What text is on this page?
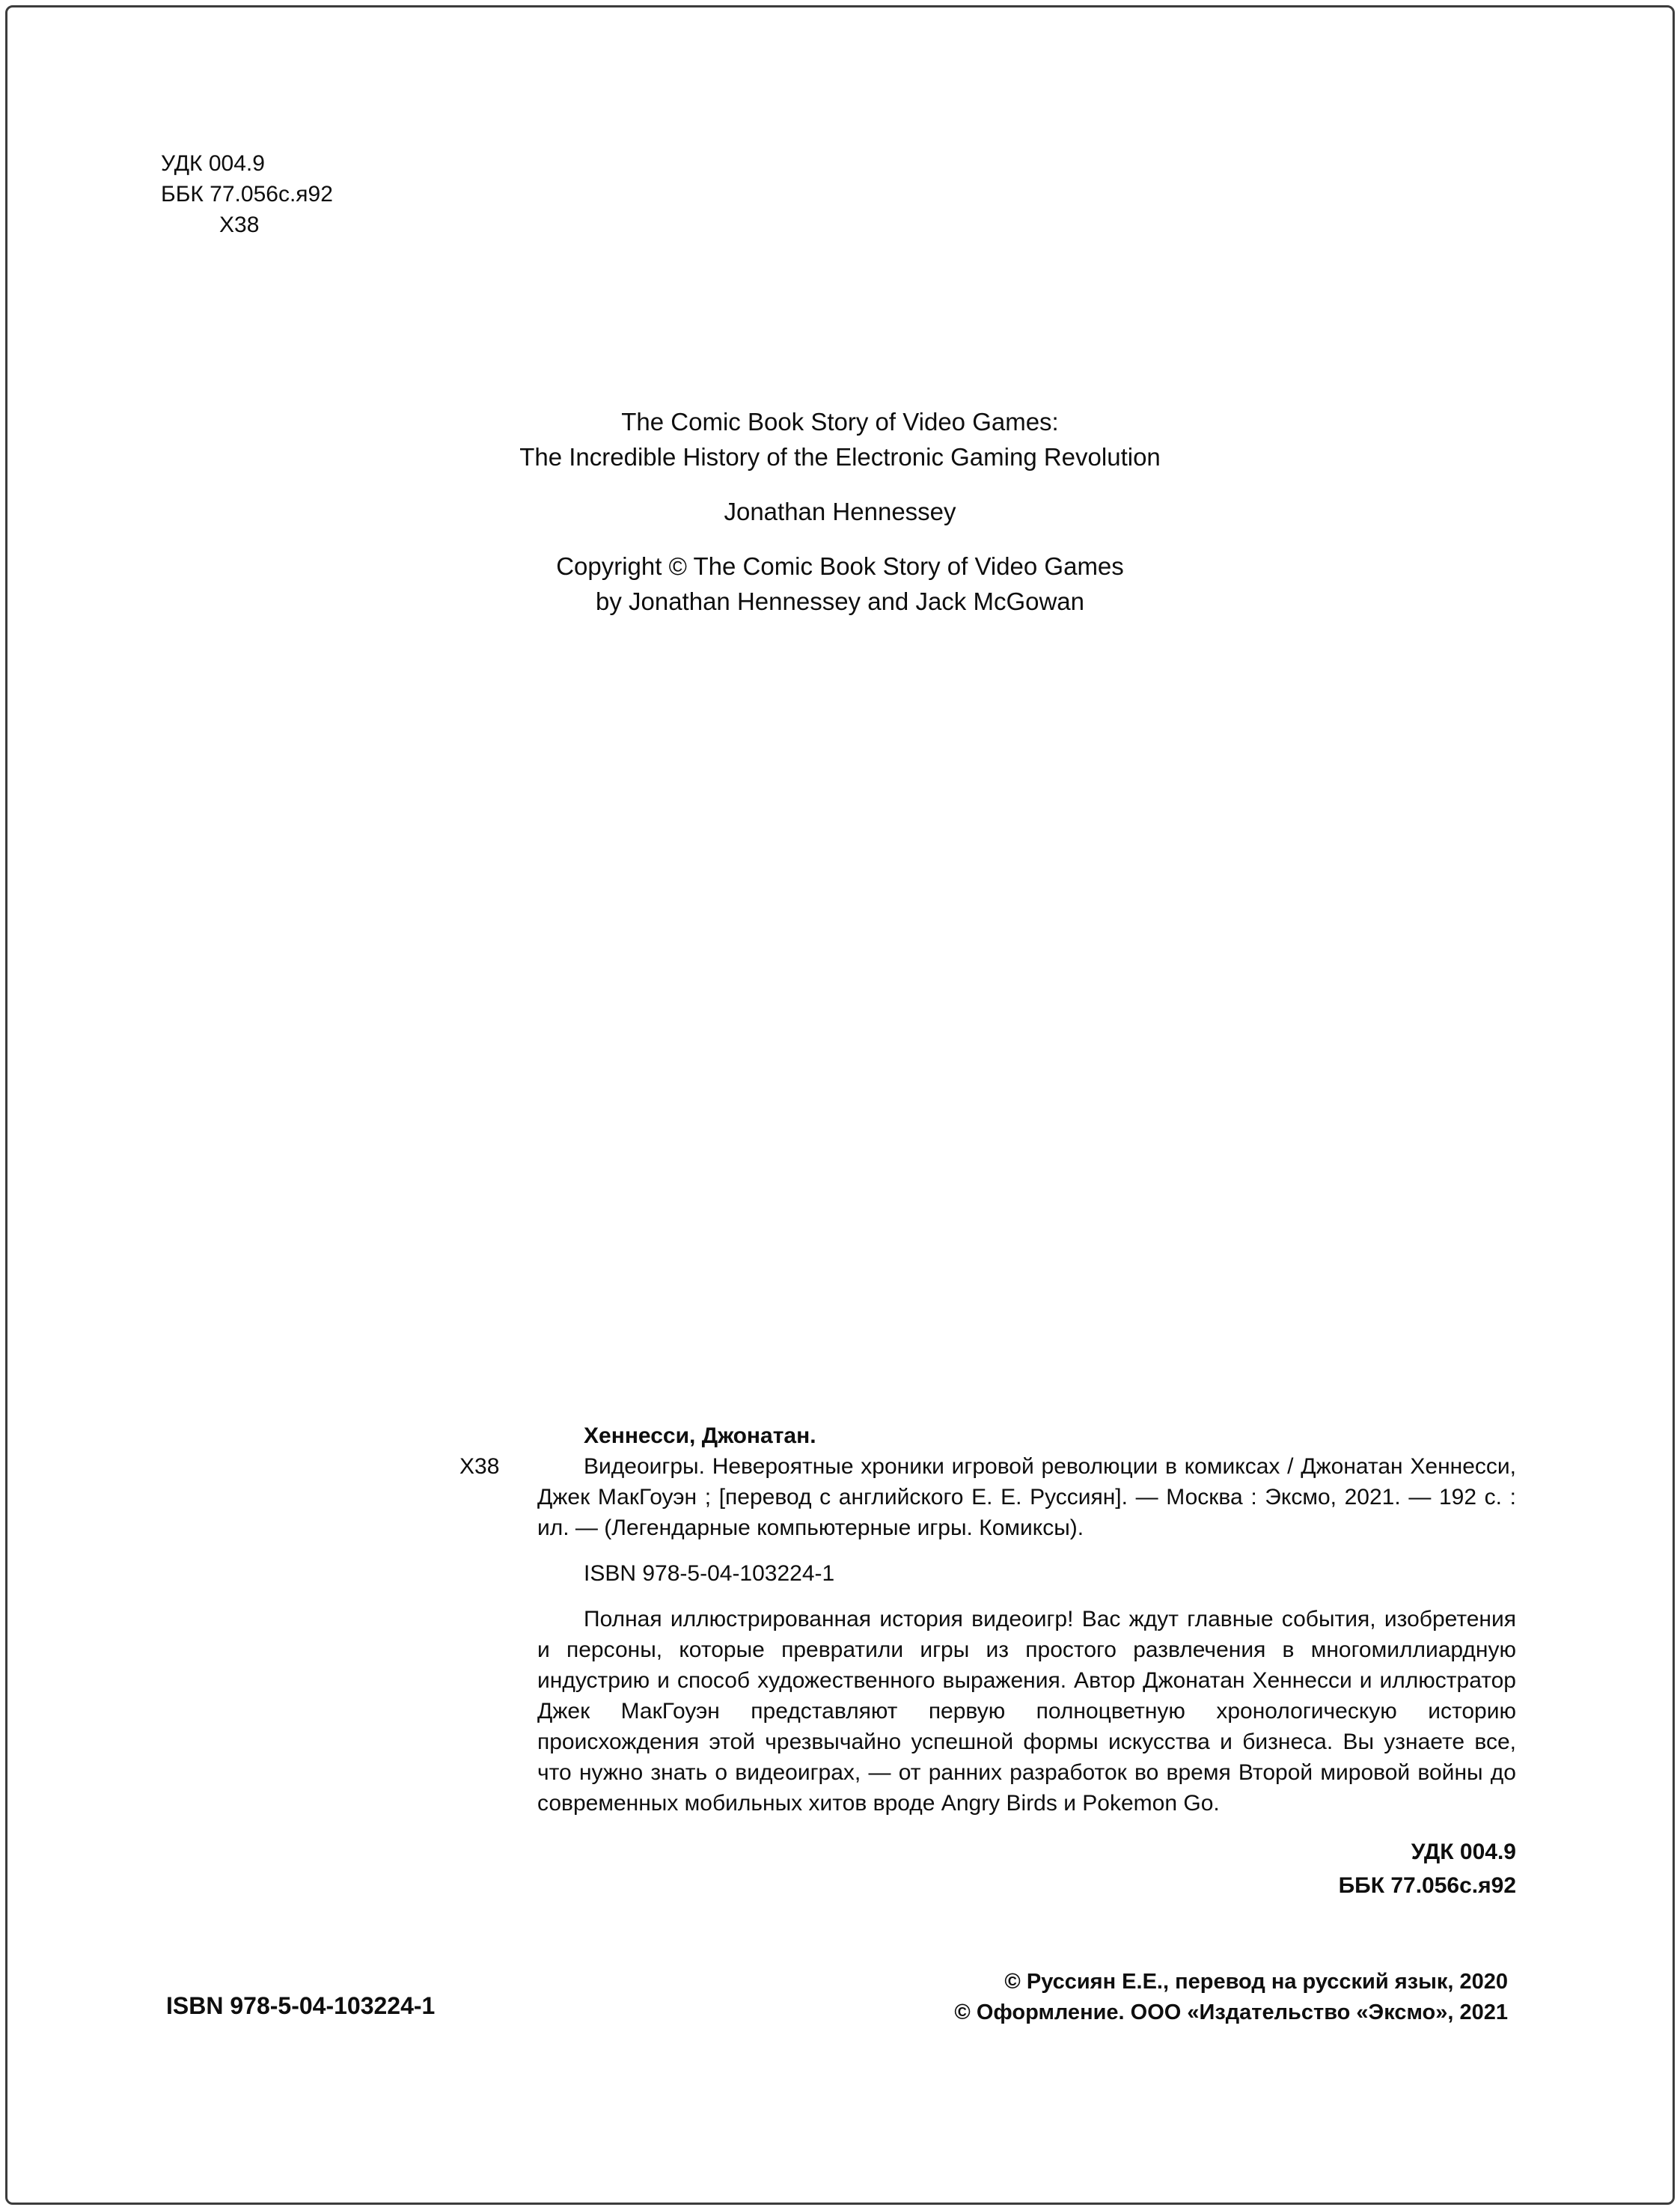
УДК 004.9
ББК 77.056с.я92
Х38
The Comic Book Story of Video Games:
The Incredible History of the Electronic Gaming Revolution
Jonathan Hennessey
Copyright © The Comic Book Story of Video Games
by Jonathan Hennessey and Jack McGowan
Х38
Хеннесси, Джонатан.
Видеоигры. Невероятные хроники игровой революции в комиксах / Джонатан Хеннесси, Джек МакГоуэн ; [перевод с английского Е. Е. Руссиян]. — Москва : Эксмо, 2021. — 192 с. : ил. — (Легендарные компьютерные игры. Комиксы).
ISBN 978-5-04-103224-1
Полная иллюстрированная история видеоигр! Вас ждут главные события, изобретения и персоны, которые превратили игры из простого развлечения в многомиллиардную индустрию и способ художественного выражения. Автор Джонатан Хеннесси и иллюстратор Джек МакГоуэн представляют первую полноцветную хронологическую историю происхождения этой чрезвычайно успешной формы искусства и бизнеса. Вы узнаете все, что нужно знать о видеоиграх, — от ранних разработок во время Второй мировой войны до современных мобильных хитов вроде Angry Birds и Pokemon Go.
УДК 004.9
ББК 77.056с.я92
ISBN 978-5-04-103224-1
© Руссиян Е.Е., перевод на русский язык, 2020
© Оформление. ООО «Издательство «Эксмо», 2021
